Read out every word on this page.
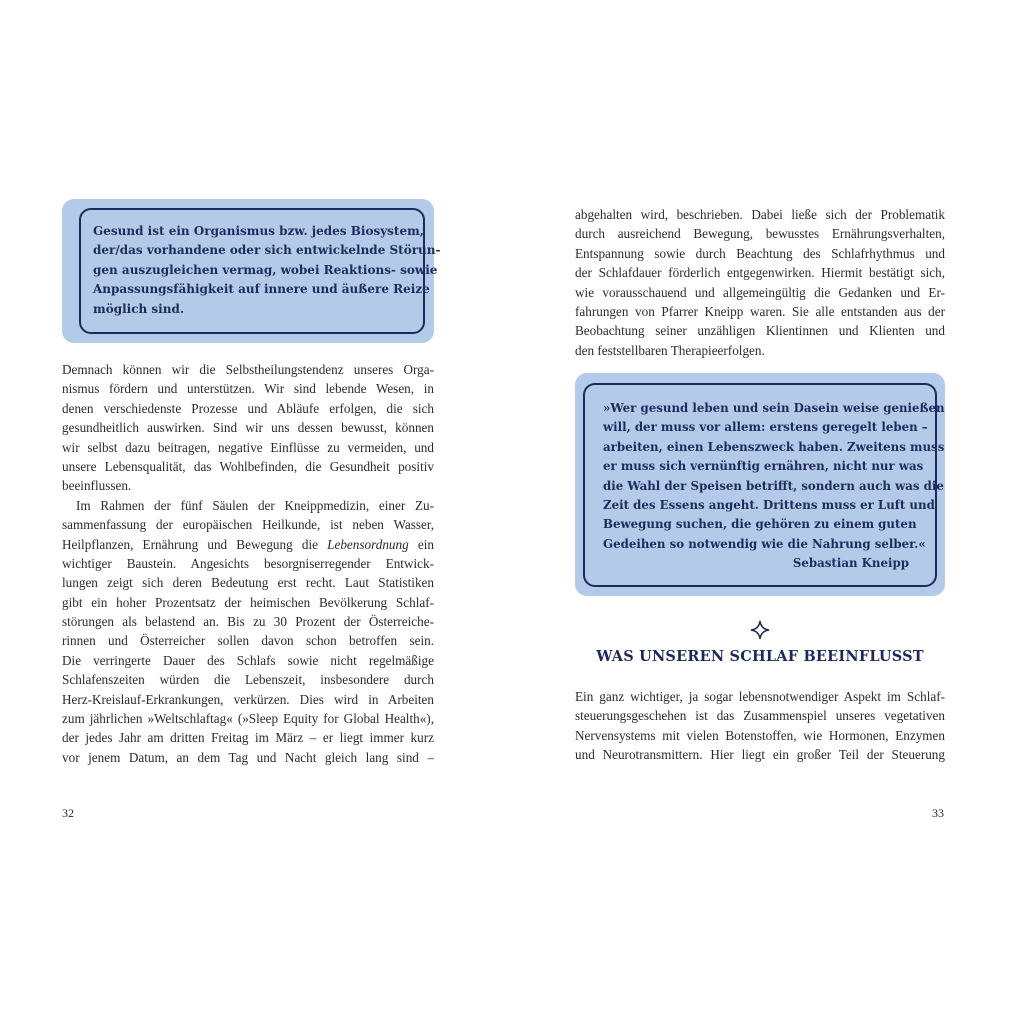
Gesund ist ein Organismus bzw. jedes Biosystem,
der/das vorhandene oder sich entwickelnde Störun-
gen auszugleichen vermag, wobei Reaktions- sowie
Anpassungsfähigkeit auf innere und äußere Reize
möglich sind.
Demnach können wir die Selbstheilungstendenz unseres Orga-
nismus fördern und unterstützen. Wir sind lebende Wesen, in
denen verschiedenste Prozesse und Abläufe erfolgen, die sich
gesundheitlich auswirken. Sind wir uns dessen bewusst, können
wir selbst dazu beitragen, negative Einflüsse zu vermeiden, und
unsere Lebensqualität, das Wohlbefinden, die Gesundheit positiv
beeinflussen.
Im Rahmen der fünf Säulen der Kneippmedizin, einer Zu-
sammenfassung der europäischen Heilkunde, ist neben Wasser,
Heilpflanzen, Ernährung und Bewegung die Lebensordnung ein
wichtiger Baustein. Angesichts besorgniserregender Entwick-
lungen zeigt sich deren Bedeutung erst recht. Laut Statistiken
gibt ein hoher Prozentsatz der heimischen Bevölkerung Schlaf-
störungen als belastend an. Bis zu 30 Prozent der Österreiche-
rinnen und Österreicher sollen davon schon betroffen sein.
Die verringerte Dauer des Schlafs sowie nicht regelmäßige
Schlafenszeiten würden die Lebenszeit, insbesondere durch
Herz-Kreislauf-Erkrankungen, verkürzen. Dies wird in Arbeiten
zum jährlichen »Weltschlaftag« (»Sleep Equity for Global Health«),
der jedes Jahr am dritten Freitag im März – er liegt immer kurz
vor jenem Datum, an dem Tag und Nacht gleich lang sind –
32
abgehalten wird, beschrieben. Dabei ließe sich der Problematik
durch ausreichend Bewegung, bewusstes Ernährungsverhalten,
Entspannung sowie durch Beachtung des Schlafrhythmus und
der Schlafdauer förderlich entgegenwirken. Hiermit bestätigt sich,
wie vorausschauend und allgemeingültig die Gedanken und Er-
fahrungen von Pfarrer Kneipp waren. Sie alle entstanden aus der
Beobachtung seiner unzähligen Klientinnen und Klienten und
den feststellbaren Therapieerfolgen.
»Wer gesund leben und sein Dasein weise genießen
will, der muss vor allem: erstens geregelt leben –
arbeiten, einen Lebenszweck haben. Zweitens muss
er muss sich vernünftig ernähren, nicht nur was
die Wahl der Speisen betrifft, sondern auch was die
Zeit des Essens angeht. Drittens muss er Luft und
Bewegung suchen, die gehören zu einem guten
Gedeihen so notwendig wie die Nahrung selber.«
Sebastian Kneipp
WAS UNSEREN SCHLAF BEEINFLUSST
Ein ganz wichtiger, ja sogar lebensnotwendiger Aspekt im Schlaf-
steuerungsgeschehen ist das Zusammenspiel unseres vegetativen
Nervensystems mit vielen Botenstoffen, wie Hormonen, Enzymen
und Neurotransmittern. Hier liegt ein großer Teil der Steuerung
33
